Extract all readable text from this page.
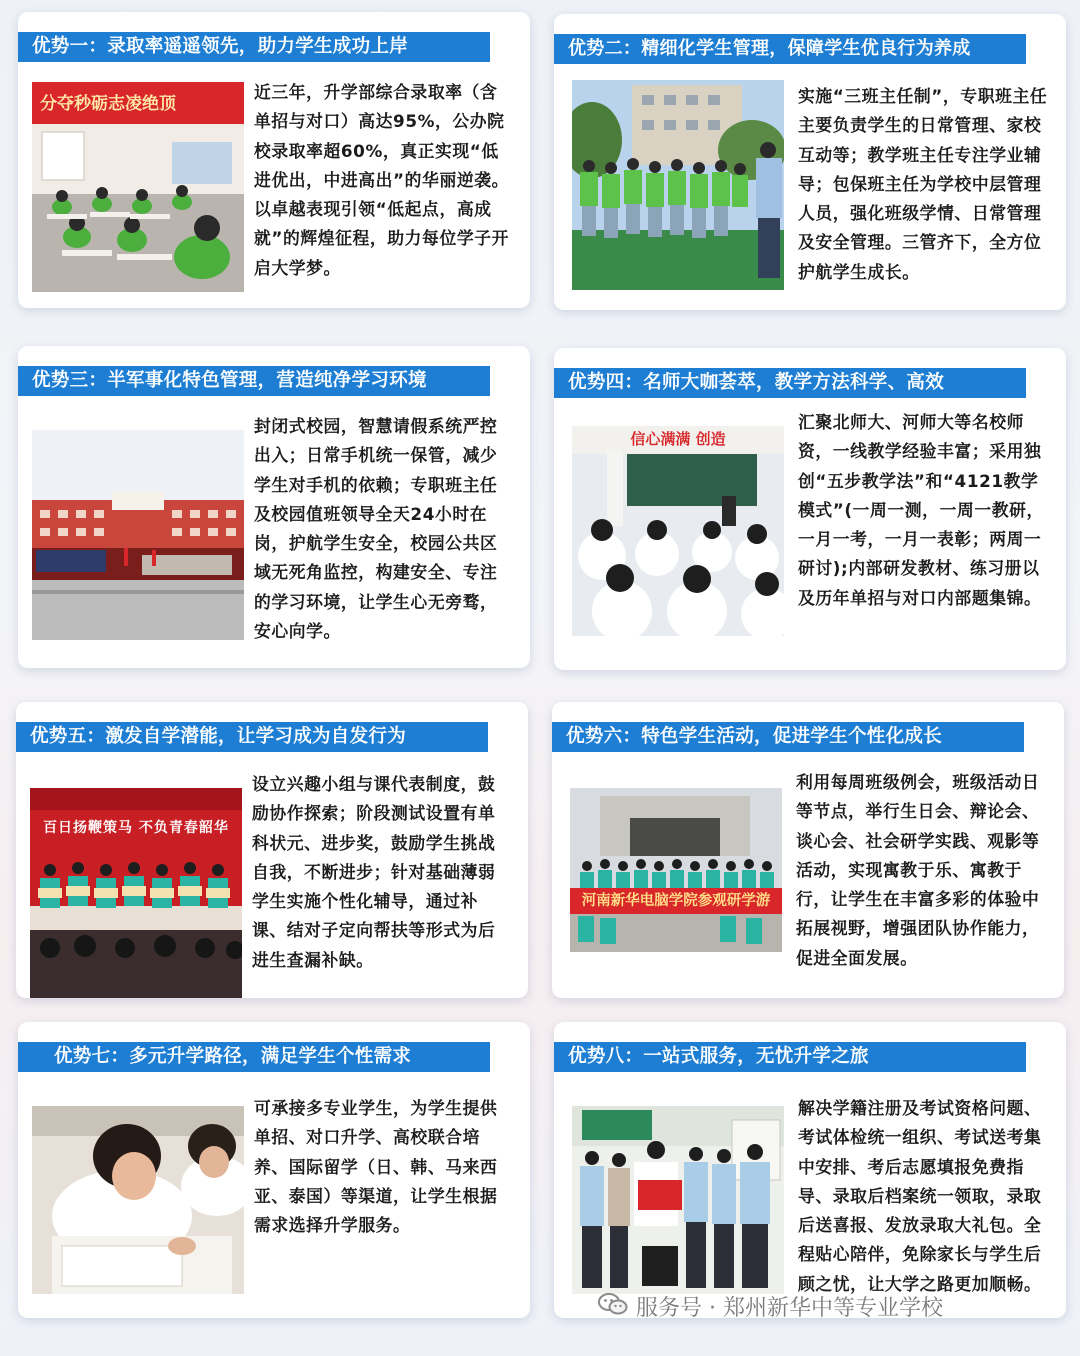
优势一：录取率遥遥领先，助力学生成功上岸
分夺秒砺志凌绝顶

近三年，升学部综合录取率（含单招与对口）高达95%，公办院校录取率超60%，真正实现“低进优出，中进高出”的华丽逆袭。以卓越表现引领“低起点，高成就”的辉煌征程，助力每位学子开启大学梦。

优势二：精细化学生管理，保障学生优良行为养成

实施“三班主任制”，专职班主任主要负责学生的日常管理、家校互动等；教学班主任专注学业辅导；包保班主任为学校中层管理人员，强化班级学情、日常管理及安全管理。三管齐下，全方位护航学生成长。

优势三：半军事化特色管理，营造纯净学习环境

封闭式校园，智慧请假系统严控出入；日常手机统一保管，减少学生对手机的依赖；专职班主任及校园值班领导全天24小时在岗，护航学生安全，校园公共区域无死角监控，构建安全、专注的学习环境，让学生心无旁骛，安心向学。

优势四：名师大咖荟萃，教学方法科学、高效
信心满满 创造

汇聚北师大、河师大等名校师资，一线教学经验丰富；采用独创“五步教学法”和“4121教学模式”(一周一测，一周一教研，一月一考，一月一表彰；两周一研讨);内部研发教材、练习册以及历年单招与对口内部题集锦。

优势五：激发自学潜能，让学习成为自发行为
百日扬鞭策马 不负青春韶华

设立兴趣小组与课代表制度，鼓励协作探索；阶段测试设置有单科状元、进步奖，鼓励学生挑战自我，不断进步；针对基础薄弱学生实施个性化辅导，通过补课、结对子定向帮扶等形式为后进生查漏补缺。

优势六：特色学生活动，促进学生个性化成长
河南新华电脑学院参观研学游

利用每周班级例会，班级活动日等节点，举行生日会、辩论会、谈心会、社会研学实践、观影等活动，实现寓教于乐、寓教于行，让学生在丰富多彩的体验中拓展视野，增强团队协作能力，促进全面发展。

优势七：多元升学路径，满足学生个性需求

可承接多专业学生，为学生提供单招、对口升学、高校联合培养、国际留学（日、韩、马来西亚、泰国）等渠道，让学生根据需求选择升学服务。

优势八：一站式服务，无忧升学之旅

解决学籍注册及考试资格问题、考试体检统一组织、考试送考集中安排、考后志愿填报免费指导、录取后档案统一领取，录取后送喜报、发放录取大礼包。全程贴心陪伴，免除家长与学生后顾之忧，让大学之路更加顺畅。

服务号 · 郑州新华中等专业学校
